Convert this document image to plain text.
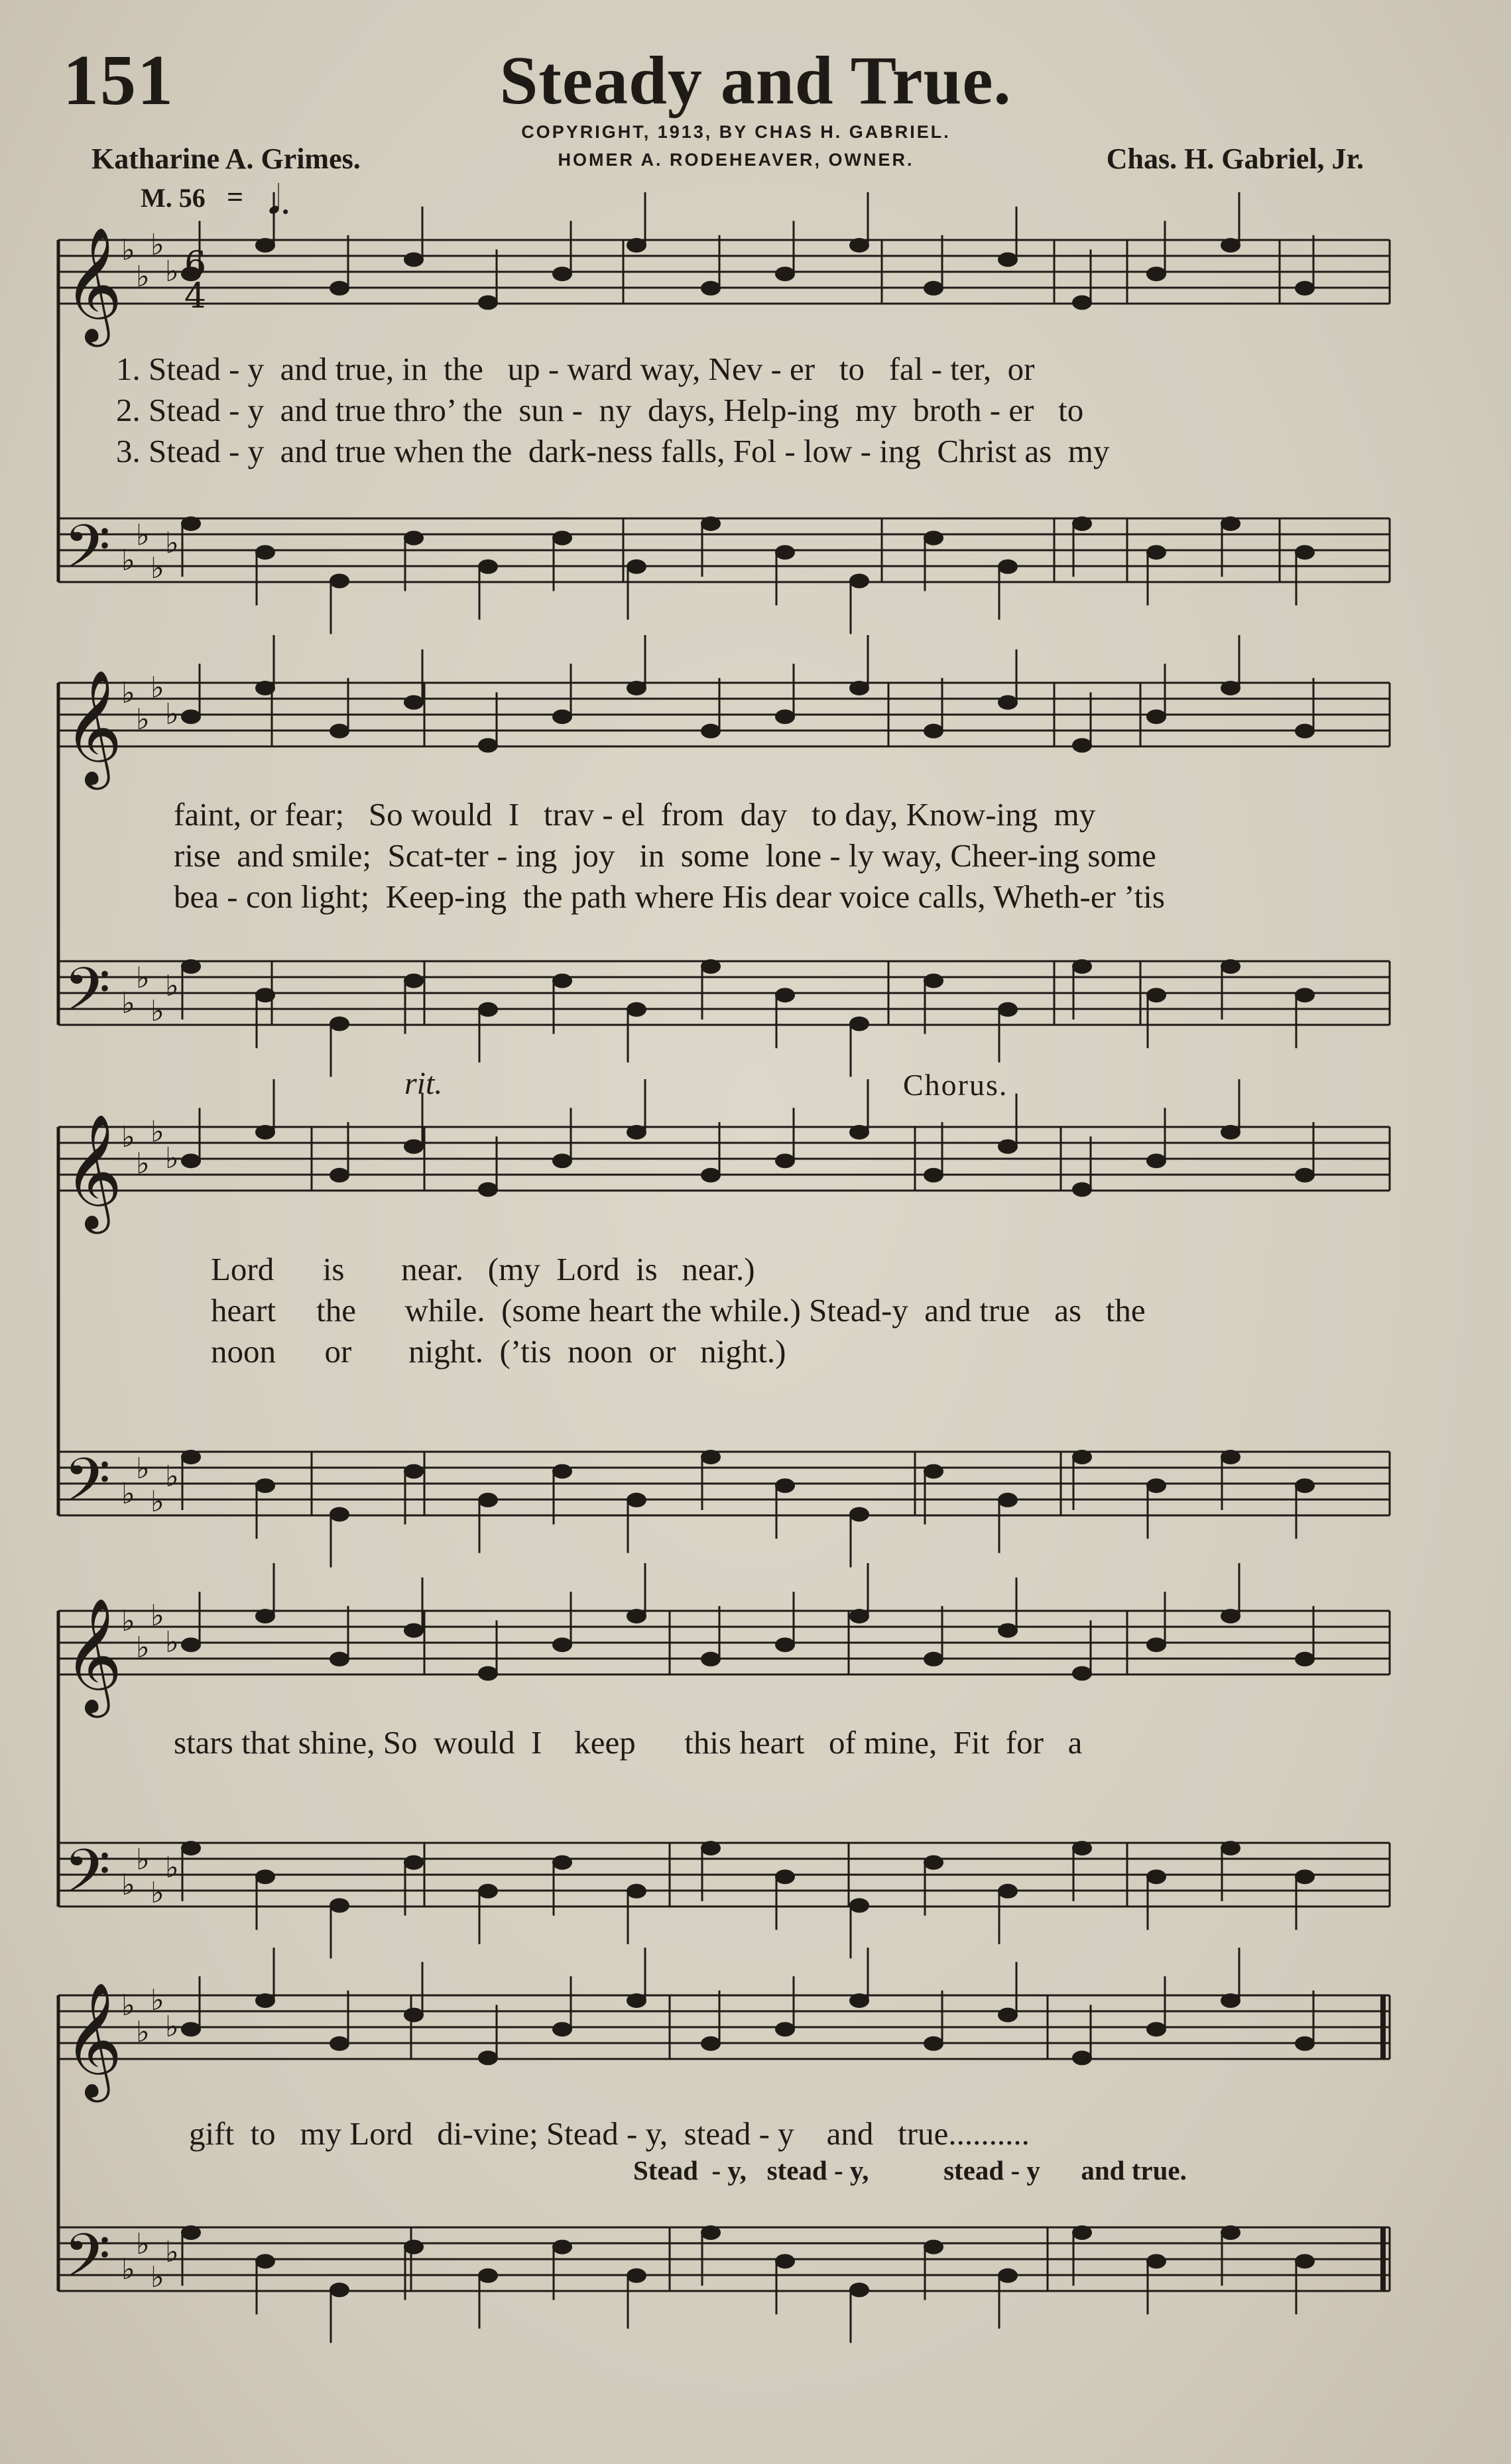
151	Steady and True.
COPYRIGHT, 1913, BY CHAS H. GABRIEL.
HOMER A. RODEHEAVER, OWNER.
Katharine A. Grimes.	Chas. H. Gabriel, Jr.
M. 56 = 𝅘𝅥.
𝄞
♭
♭
♭
♭
𝄢 ♭
♭
♭
♭
6
4
𝄞
♭
♭
♭
♭
𝄢 ♭
♭
♭
♭
𝄞
♭
♭
♭
♭
𝄢 ♭
♭
♭
♭
𝄞
♭
♭
♭
♭
𝄢 ♭
♭
♭
♭
𝄞
♭
♭
♭
♭
𝄢 ♭
♭
♭
♭
1. Stead - y  and true, in  the   up - ward way, Nev - er   to   fal - ter,  or
2. Stead - y  and true thro’ the  sun -  ny  days, Help-ing  my  broth - er   to
3. Stead - y  and true when the  dark-ness falls, Fol - low - ing  Christ as  my
faint, or fear;   So would  I   trav - el  from  day   to day, Know-ing  my
rise  and smile;  Scat-ter - ing  joy   in  some  lone - ly way, Cheer-ing some
bea - con light;  Keep-ing  the path where His dear voice calls, Wheth-er ’tis
rit.	Chorus.
Lord      is       near.   (my  Lord  is   near.)
heart     the      while.  (some heart the while.) Stead-y  and true   as   the
noon      or       night.  (’tis  noon  or   night.)
stars that shine, So  would  I    keep      this heart   of mine,  Fit  for   a
gift  to   my Lord   di-vine; Stead - y,  stead - y    and   true..........
Stead  - y,   stead - y,           stead - y      and true.
